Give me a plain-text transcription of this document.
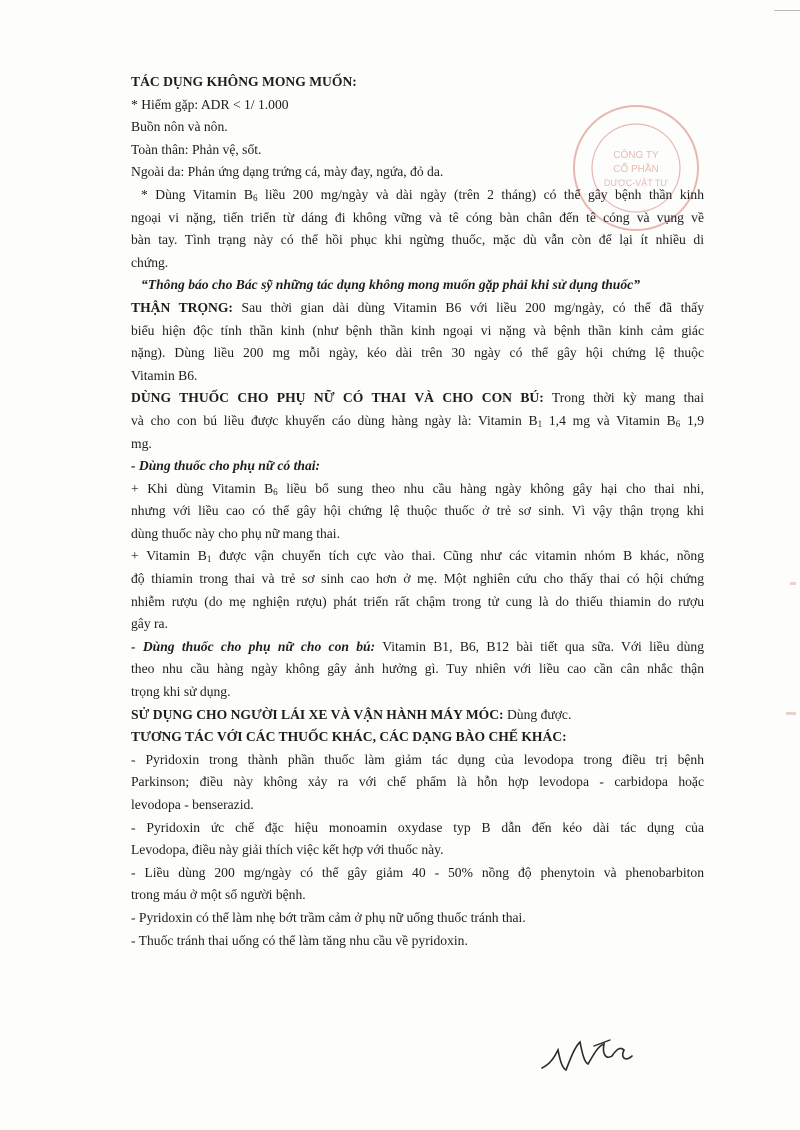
CÔNG TY
CỔ PHẦN
DƯỢC-VẬT TƯ

TÁC DỤNG KHÔNG MONG MUỐN:

* Hiếm gặp: ADR < 1/ 1.000

Buồn nôn và nôn.

Toàn thân: Phản vệ, sốt.

Ngoài da: Phản ứng dạng trứng cá, mày đay, ngứa, đỏ da.

* Dùng Vitamin $B_6$ liều 200 mg/ngày và dài ngày (trên 2 tháng) có thể gây bệnh thần kinh

ngoại vi nặng, tiến triển từ dáng đi không vững và tê cóng bàn chân đến tê cóng và vụng về

bàn tay. Tình trạng này có thể hồi phục khi ngừng thuốc, mặc dù vẫn còn để lại ít nhiều di

chứng.

“Thông báo cho Bác sỹ những tác dụng không mong muốn gặp phải khi sử dụng thuốc”

THẬN TRỌNG: Sau thời gian dài dùng Vitamin B6 với liều 200 mg/ngày, có thể đã thấy

biểu hiện độc tính thần kinh (như bệnh thần kinh ngoại vi nặng và bệnh thần kinh cảm giác

nặng). Dùng liều 200 mg mỗi ngày, kéo dài trên 30 ngày có thể gây hội chứng lệ thuộc

Vitamin B6.

DÙNG THUỐC CHO PHỤ NỮ CÓ THAI VÀ CHO CON BÚ: Trong thời kỳ mang thai

và cho con bú liều được khuyến cáo dùng hàng ngày là: Vitamin $B_1$ 1,4 mg và Vitamin $B_6$ 1,9

mg.

- Dùng thuốc cho phụ nữ có thai:

+ Khi dùng Vitamin $B_6$ liều bổ sung theo nhu cầu hàng ngày không gây hại cho thai nhi,

nhưng với liều cao có thể gây hội chứng lệ thuộc thuốc ở trẻ sơ sinh. Vì vậy thận trọng khi

dùng thuốc này cho phụ nữ mang thai.

+ Vitamin $B_1$ được vận chuyển tích cực vào thai. Cũng như các vitamin nhóm B khác, nồng

độ thiamin trong thai và trẻ sơ sinh cao hơn ở mẹ. Một nghiên cứu cho thấy thai có hội chứng

nhiễm rượu (do mẹ nghiện rượu) phát triển rất chậm trong tử cung là do thiếu thiamin do rượu

gây ra.

- Dùng thuốc cho phụ nữ cho con bú: Vitamin B1, B6, B12 bài tiết qua sữa. Với liều dùng

theo nhu cầu hàng ngày không gây ảnh hưởng gì. Tuy nhiên với liều cao cần cân nhắc thận

trọng khi sử dụng.

SỬ DỤNG CHO NGƯỜI LÁI XE VÀ VẬN HÀNH MÁY MÓC: Dùng được.

TƯƠNG TÁC VỚI CÁC THUỐC KHÁC, CÁC DẠNG BÀO CHẾ KHÁC:

- Pyridoxin trong thành phần thuốc làm giảm tác dụng của levodopa trong điều trị bệnh

Parkinson; điều này không xảy ra với chế phẩm là hỗn hợp levodopa - carbidopa hoặc

levodopa - benserazid.

- Pyridoxin ức chế đặc hiệu monoamin oxydase typ B dẫn đến kéo dài tác dụng của

Levodopa, điều này giải thích việc kết hợp với thuốc này.

- Liều dùng 200 mg/ngày có thể gây giảm 40 - 50% nồng độ phenytoin và phenobarbiton

trong máu ở một số người bệnh.

- Pyridoxin có thể làm nhẹ bớt trầm cảm ở phụ nữ uống thuốc tránh thai.

- Thuốc tránh thai uống có thể làm tăng nhu cầu về pyridoxin.
